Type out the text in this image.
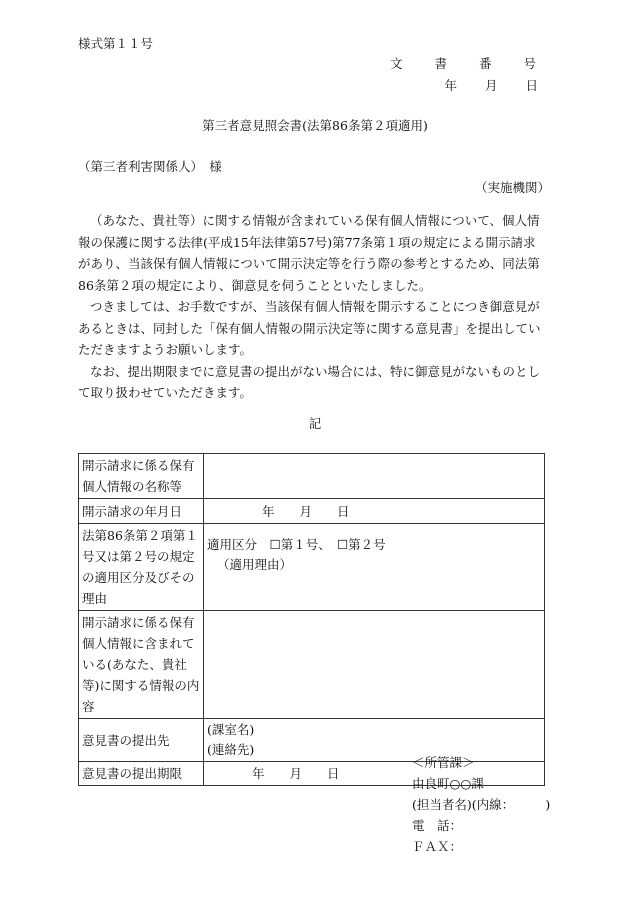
様式第１１号
文 書 番 号
年 月 日
第三者意見照会書(法第86条第２項適用)
（第三者利害関係人）　様
（実施機関）

（あなた、貴社等）に関する情報が含まれている保有個人情報について、個人情報の保護に関する法律(平成15年法律第57号)第77条第１項の規定による開示請求があり、当該保有個人情報について開示決定等を行う際の参考とするため、同法第86条第２項の規定により、御意見を伺うことといたしました。

つきましては、お手数ですが、当該保有個人情報を開示することにつき御意見があるときは、同封した「保有個人情報の開示決定等に関する意見書」を提出していただきますようお願いします。

なお、提出期限までに意見書の提出がない場合には、特に御意見がないものとして取り扱わせていただきます。

記
開示請求に係る保有個人情報の名称等	
開示請求の年月日	年　　月　　日
法第86条第２項第１号又は第２号の規定の適用区分及びその理由	適用区分　☐第１号、　☐第２号
（適用理由）

開示請求に係る保有個人情報に含まれている(あなた、貴社等)に関する情報の内容	
意見書の提出先	(課室名)
(連絡先)

意見書の提出期限	年　　月　　日
＜所管課＞
由良町○○課
(担当者名)(内線：　　　)
電　話：
ＦＡＸ：
